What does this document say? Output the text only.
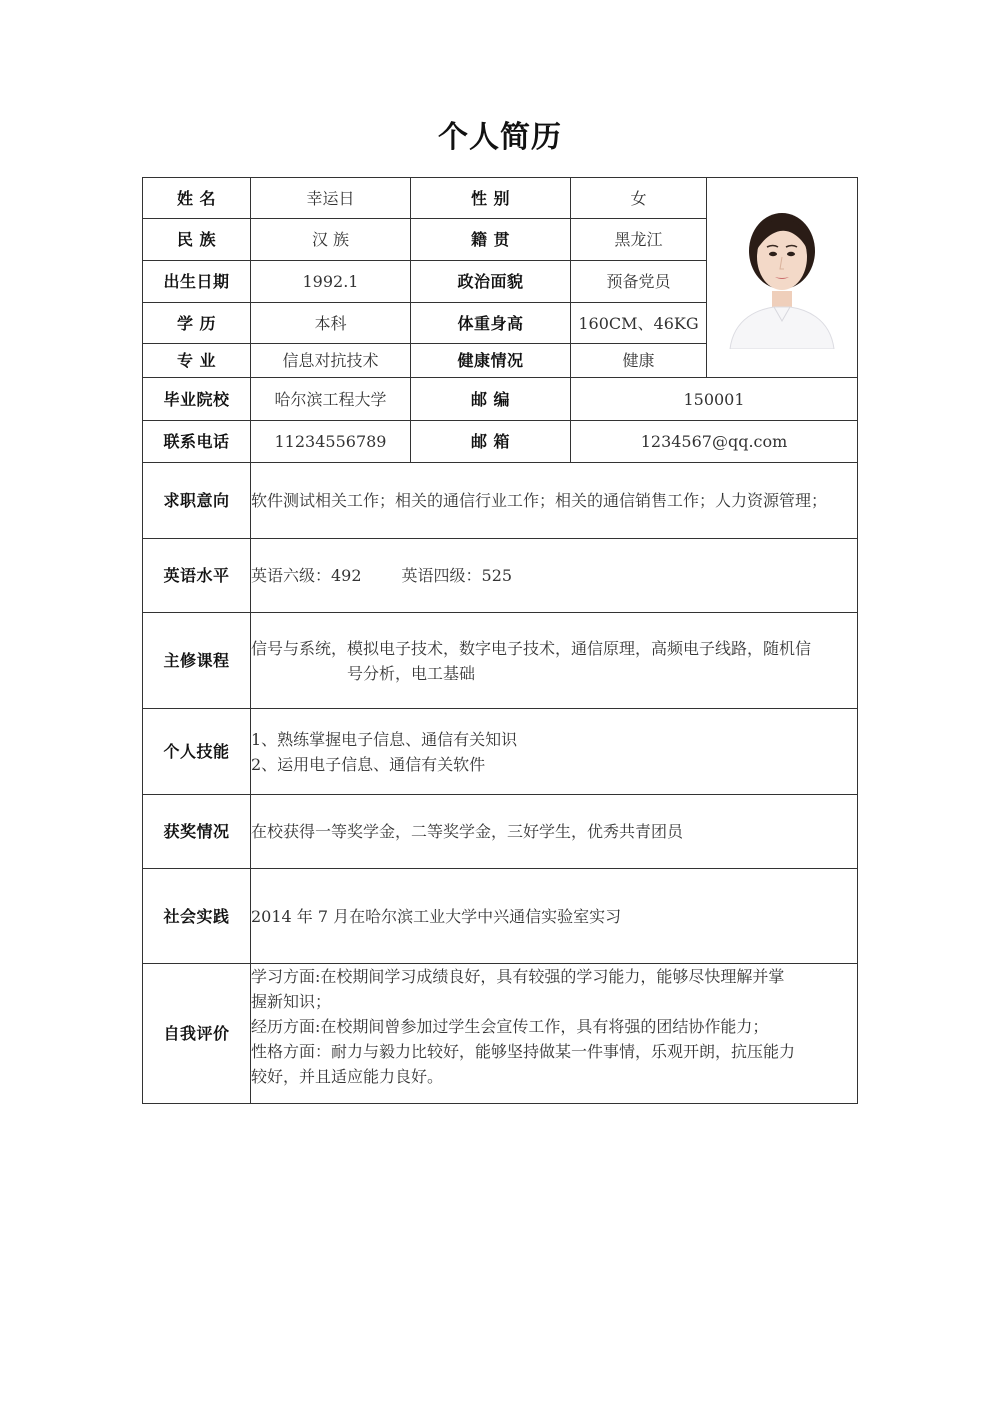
个人简历
姓 名	幸运日	性 别	女	
民 族	汉 族	籍 贯	黑龙江	
出生日期	1992.1	政治面貌	预备党员	
学 历	本科	体重身高	160CM、46KG	
专 业	信息对抗技术	健康情况	健康	
毕业院校	哈尔滨工程大学	邮 编	150001	
联系电话	11234556789	邮 箱	1234567@qq.com	
求职意向	软件测试相关工作；相关的通信行业工作；相关的通信销售工作；人力资源管理；			
英语水平	英语六级：492 英语四级：525			
主修课程	信号与系统，模拟电子技术，数字电子技术，通信原理，高频电子线路，随机信
号分析，电工基础			

个人技能	1、熟练掌握电子信息、通信有关知识
2、运用电子信息、通信有关软件			

获奖情况	在校获得一等奖学金，二等奖学金，三好学生，优秀共青团员			
社会实践	2014 年 7 月在哈尔滨工业大学中兴通信实验室实习			
自我评价	学习方面:在校期间学习成绩良好，具有较强的学习能力，能够尽快理解并掌
握新知识；
经历方面:在校期间曾参加过学生会宣传工作，具有将强的团结协作能力；
性格方面：耐力与毅力比较好，能够坚持做某一件事情，乐观开朗，抗压能力
较好，并且适应能力良好。			
